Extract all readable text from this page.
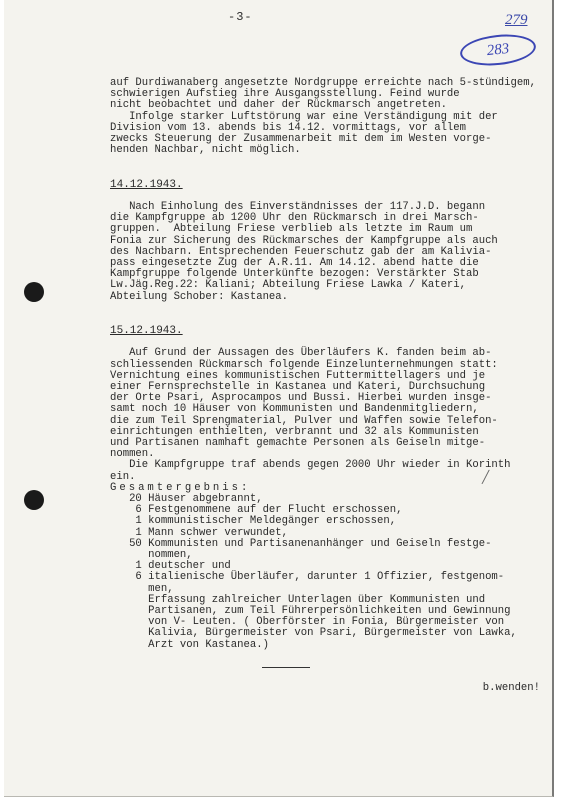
-3-	279
283
╱
auf Durdiwanaberg angesetzte Nordgruppe erreichte nach 5-stündigem,
schwierigen Aufstieg ihre Ausgangsstellung. Feind wurde
nicht beobachtet und daher der Rückmarsch angetreten.
Infolge starker Luftstörung war eine Verständigung mit der
Division vom 13. abends bis 14.12. vormittags, vor allem
zwecks Steuerung der Zusammenarbeit mit dem im Westen vorge-
henden Nachbar, nicht möglich.
14.12.1943.
Nach Einholung des Einverständnisses der 117.J.D. begann
die Kampfgruppe ab 1200 Uhr den Rückmarsch in drei Marsch-
gruppen.  Abteilung Friese verblieb als letzte im Raum um
Fonia zur Sicherung des Rückmarsches der Kampfgruppe als auch
des Nachbarn. Entsprechenden Feuerschutz gab der am Kalivia-
pass eingesetzte Zug der A.R.11. Am 14.12. abend hatte die
Kampfgruppe folgende Unterkünfte bezogen: Verstärkter Stab
Lw.Jäg.Reg.22: Kaliani; Abteilung Friese Lawka / Kateri,
Abteilung Schober: Kastanea.
15.12.1943.
Auf Grund der Aussagen des Überläufers K. fanden beim ab-
schliessenden Rückmarsch folgende Einzelunternehmungen statt:
Vernichtung eines kommunistischen Futtermittellagers und je
einer Fernsprechstelle in Kastanea und Kateri, Durchsuchung
der Orte Psari, Asprocampos und Bussi. Hierbei wurden insge-
samt noch 10 Häuser von Kommunisten und Bandenmitgliedern,
die zum Teil Sprengmaterial, Pulver und Waffen sowie Telefon-
einrichtungen enthielten, verbrannt und 32 als Kommunisten
und Partisanen namhaft gemachte Personen als Geiseln mitge-
nommen.
Die Kampfgruppe traf abends gegen 2000 Uhr wieder in Korinth
ein.
Gesamtergebnis:
20 Häuser abgebrannt,
6 Festgenommene auf der Flucht erschossen,
1 kommunistischer Meldegänger erschossen,
1 Mann schwer verwundet,
50 Kommunisten und Partisanenanhänger und Geiseln festge-
nommen,
1 deutscher und
6 italienische Überläufer, darunter 1 Offizier, festgenom-
men,
Erfassung zahlreicher Unterlagen über Kommunisten und
Partisanen, zum Teil Führerpersönlichkeiten und Gewinnung
von V- Leuten. ( Oberförster in Fonia, Bürgermeister von
Kalivia, Bürgermeister von Psari, Bürgermeister von Lawka,
Arzt von Kastanea.)
b.wenden!
